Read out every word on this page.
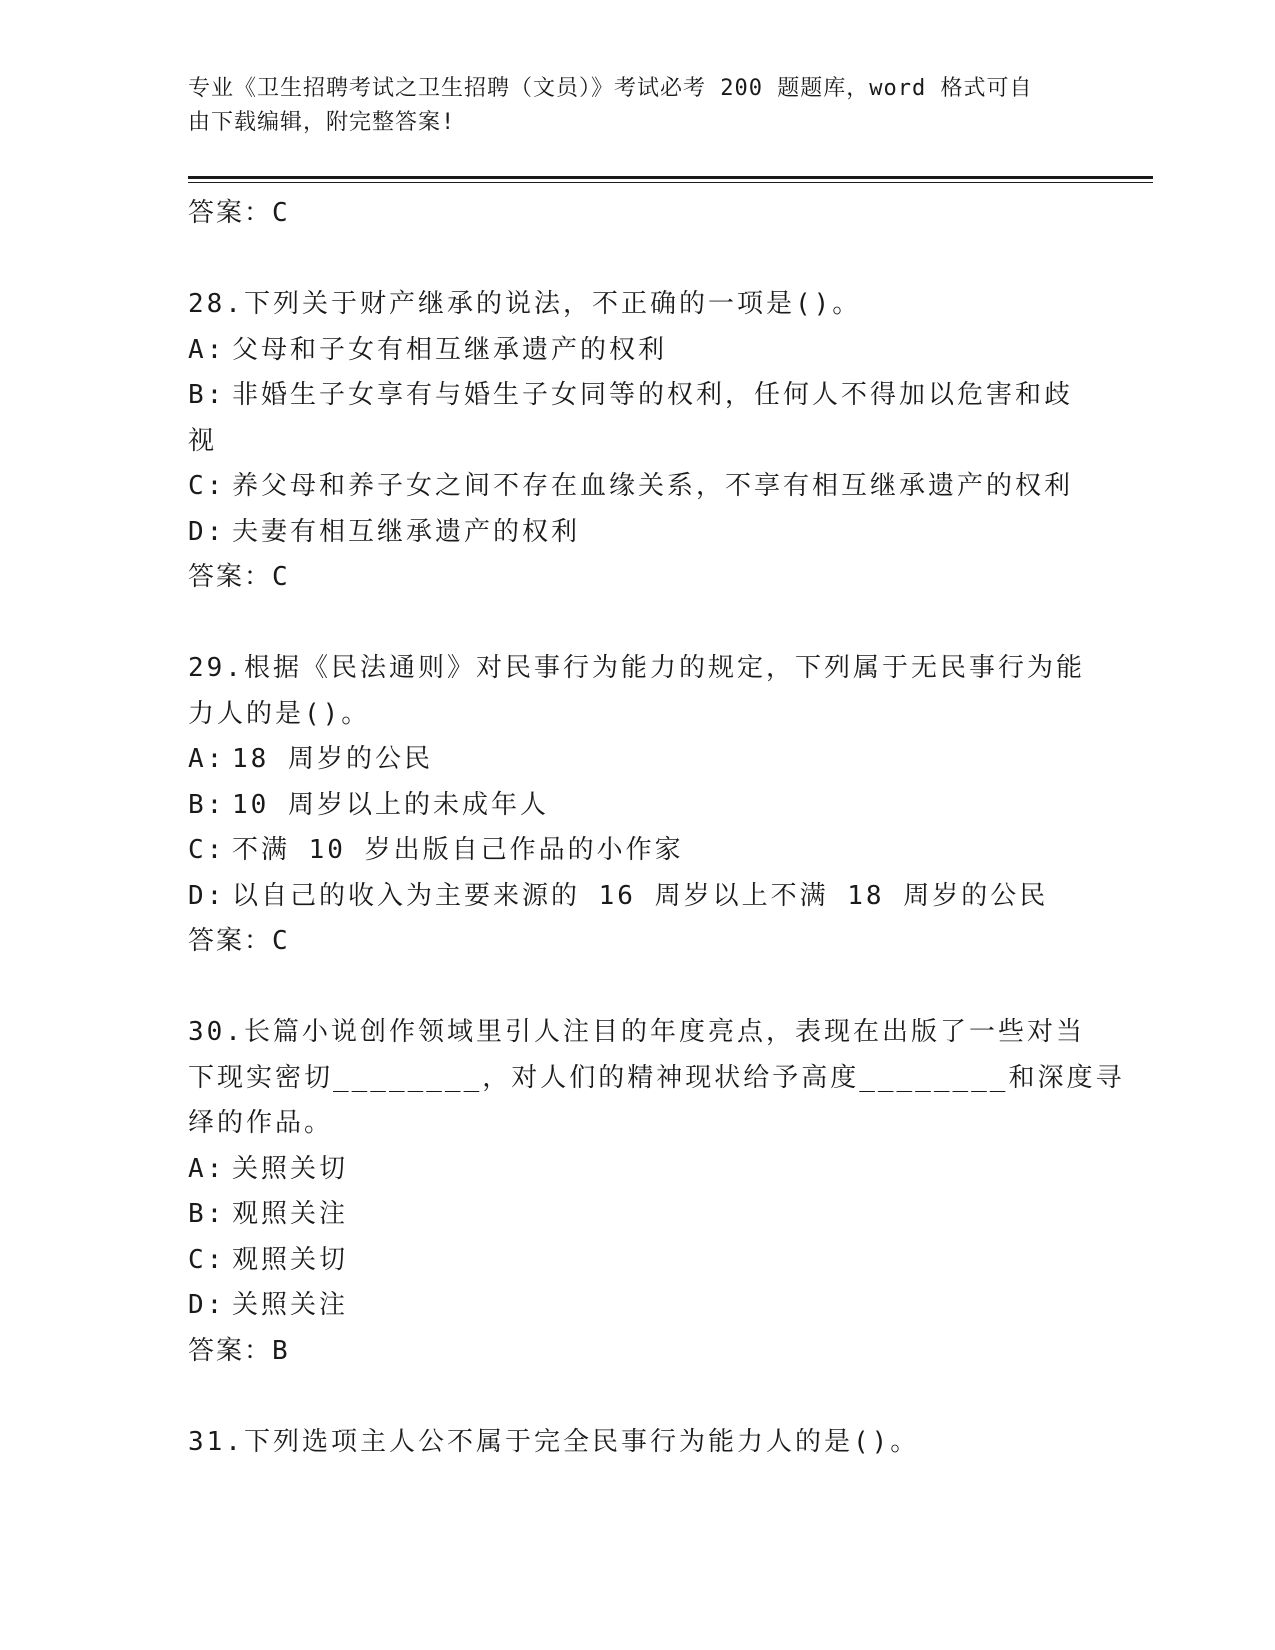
专业《卫生招聘考试之卫生招聘（文员）》考试必考 200 题题库，word 格式可自
由下载编辑，附完整答案!
答案：C
28.下列关于财产继承的说法，不正确的一项是()。
A: 父母和子女有相互继承遗产的权利
B: 非婚生子女享有与婚生子女同等的权利，任何人不得加以危害和歧
视
C: 养父母和养子女之间不存在血缘关系，不享有相互继承遗产的权利
D: 夫妻有相互继承遗产的权利
答案：C
29.根据《民法通则》对民事行为能力的规定，下列属于无民事行为能
力人的是()。
A: 18 周岁的公民
B: 10 周岁以上的未成年人
C: 不满 10 岁出版自己作品的小作家
D: 以自己的收入为主要来源的 16 周岁以上不满 18 周岁的公民
答案：C
30.长篇小说创作领域里引人注目的年度亮点，表现在出版了一些对当
下现实密切________，对人们的精神现状给予高度________和深度寻
绎的作品。
A: 关照关切
B: 观照关注
C: 观照关切
D: 关照关注
答案：B
31.下列选项主人公不属于完全民事行为能力人的是()。
